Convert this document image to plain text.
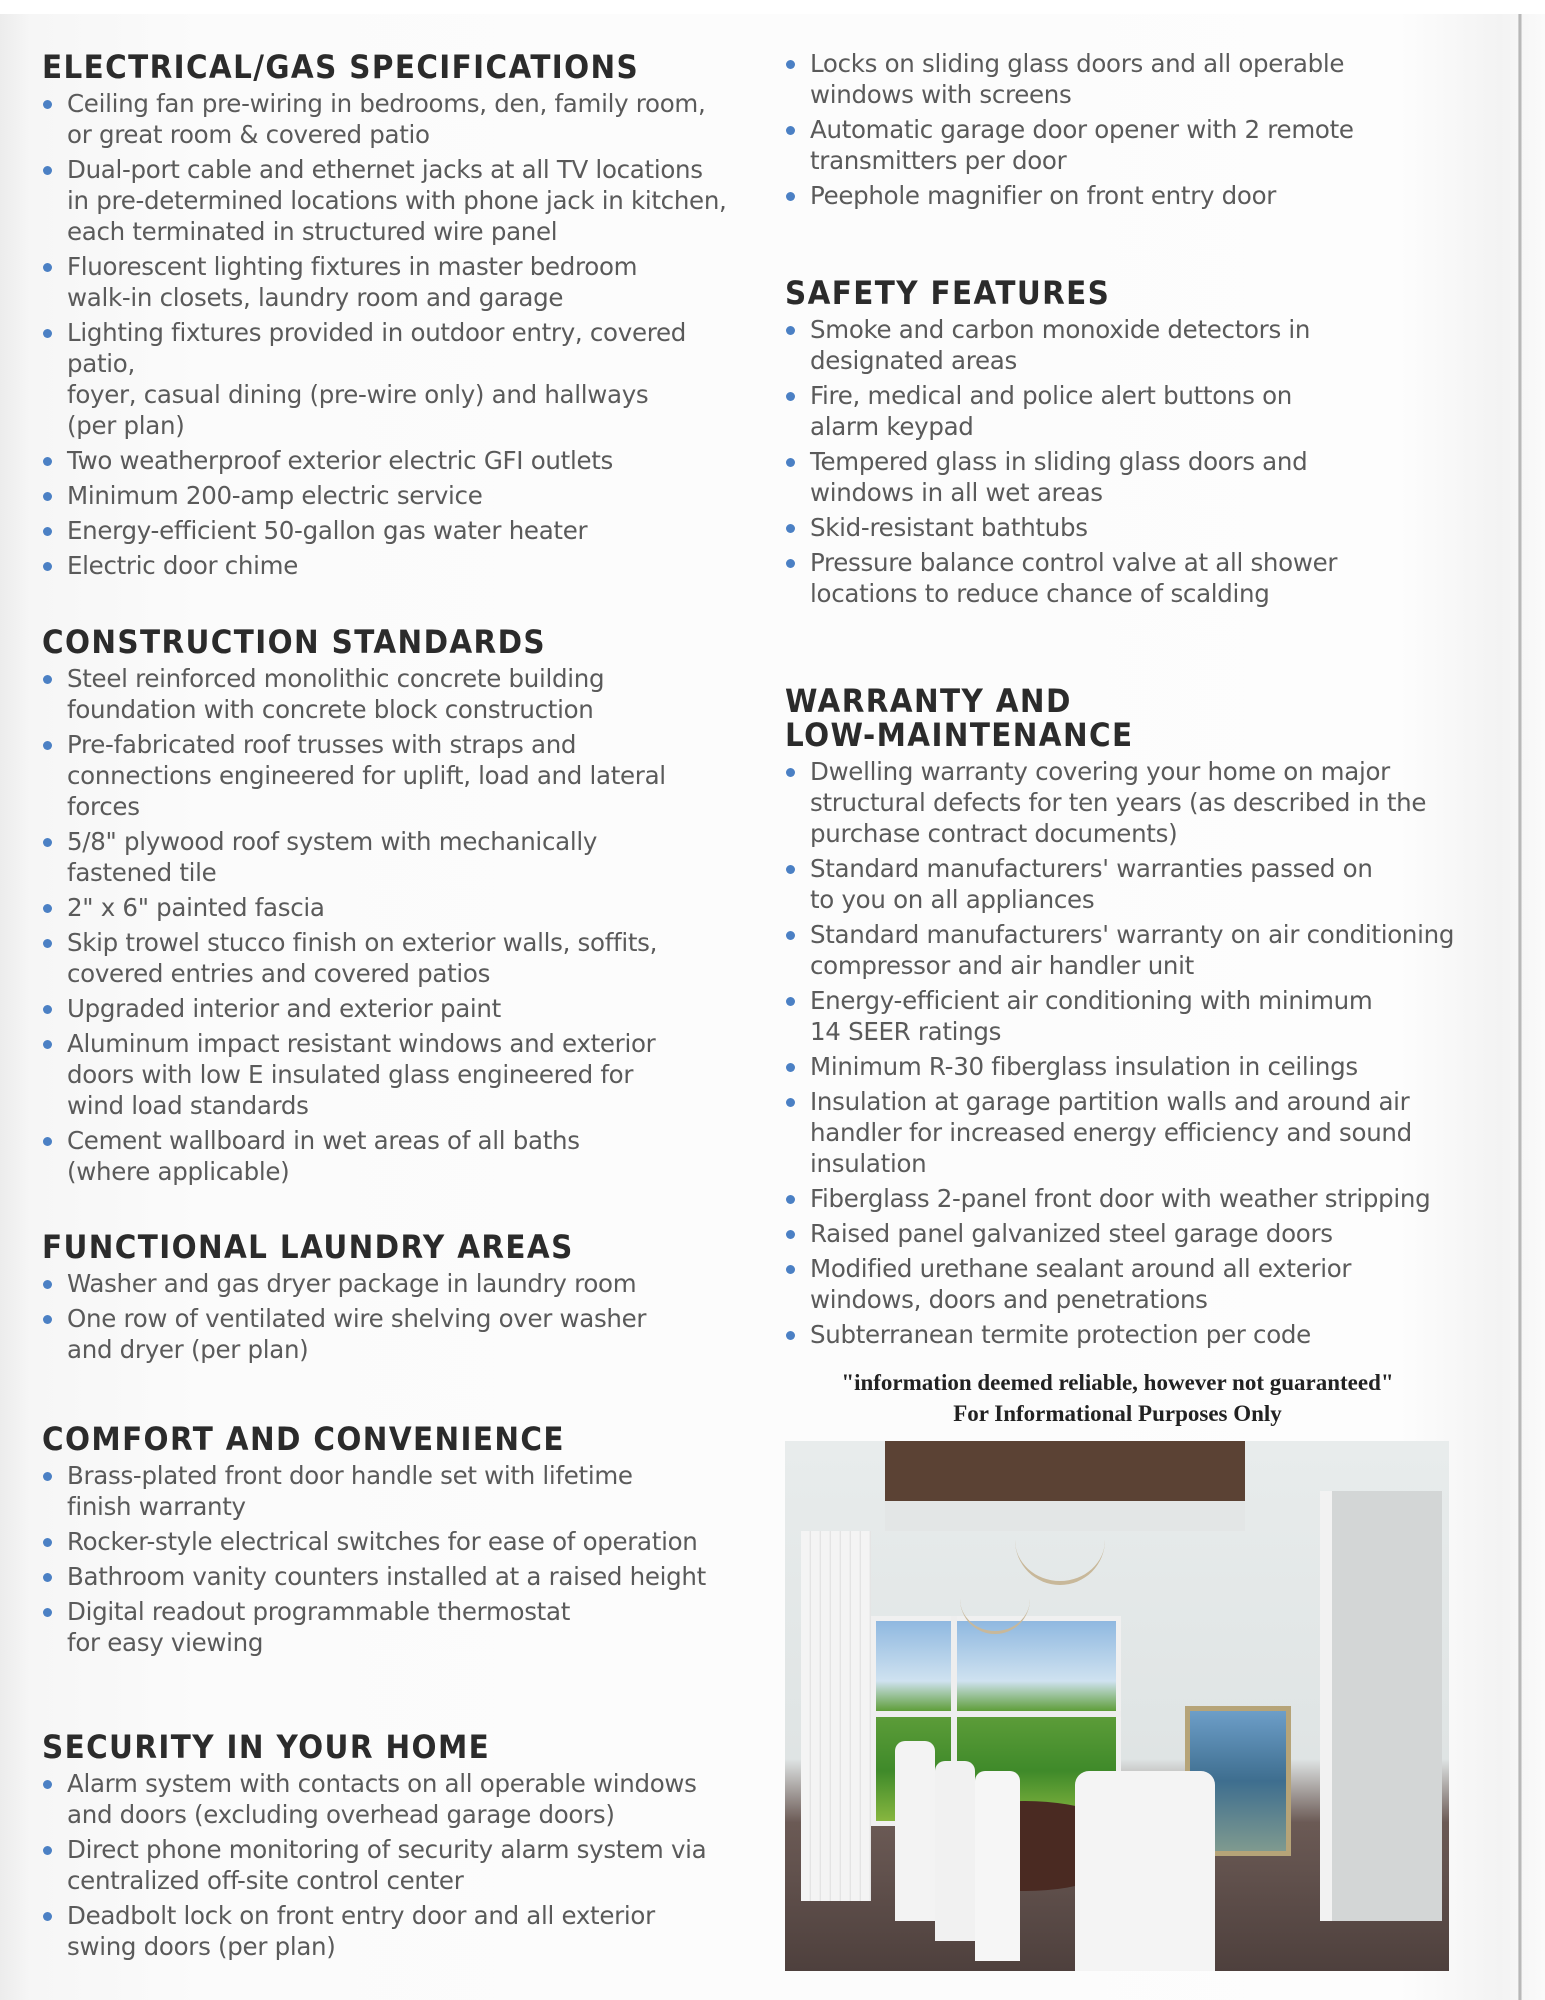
ELECTRICAL/GAS SPECIFICATIONS
Ceiling fan pre-wiring in bedrooms, den, family room,
or great room & covered patio
Dual-port cable and ethernet jacks at all TV locations
in pre-determined locations with phone jack in kitchen,
each terminated in structured wire panel
Fluorescent lighting fixtures in master bedroom
walk-in closets, laundry room and garage
Lighting fixtures provided in outdoor entry, covered patio,
foyer, casual dining (pre-wire only) and hallways
(per plan)
Two weatherproof exterior electric GFI outlets
Minimum 200-amp electric service
Energy-efficient 50-gallon gas water heater
Electric door chime
CONSTRUCTION STANDARDS
Steel reinforced monolithic concrete building
foundation with concrete block construction
Pre-fabricated roof trusses with straps and
connections engineered for uplift, load and lateral forces
5/8" plywood roof system with mechanically
fastened tile
2" x 6" painted fascia
Skip trowel stucco finish on exterior walls, soffits,
covered entries and covered patios
Upgraded interior and exterior paint
Aluminum impact resistant windows and exterior
doors with low E insulated glass engineered for
wind load standards
Cement wallboard in wet areas of all baths
(where applicable)
FUNCTIONAL LAUNDRY AREAS
Washer and gas dryer package in laundry room
One row of ventilated wire shelving over washer
and dryer (per plan)
COMFORT AND CONVENIENCE
Brass-plated front door handle set with lifetime
finish warranty
Rocker-style electrical switches for ease of operation
Bathroom vanity counters installed at a raised height
Digital readout programmable thermostat
for easy viewing
SECURITY IN YOUR HOME
Alarm system with contacts on all operable windows
and doors (excluding overhead garage doors)
Direct phone monitoring of security alarm system via
centralized off-site control center
Deadbolt lock on front entry door and all exterior
swing doors (per plan)
Locks on sliding glass doors and all operable
windows with screens
Automatic garage door opener with 2 remote
transmitters per door
Peephole magnifier on front entry door
SAFETY FEATURES
Smoke and carbon monoxide detectors in
designated areas
Fire, medical and police alert buttons on
alarm keypad
Tempered glass in sliding glass doors and
windows in all wet areas
Skid-resistant bathtubs
Pressure balance control valve at all shower
locations to reduce chance of scalding
WARRANTY AND
LOW-MAINTENANCE
Dwelling warranty covering your home on major
structural defects for ten years (as described in the
purchase contract documents)
Standard manufacturers' warranties passed on
to you on all appliances
Standard manufacturers' warranty on air conditioning
compressor and air handler unit
Energy-efficient air conditioning with minimum
14 SEER ratings
Minimum R-30 fiberglass insulation in ceilings
Insulation at garage partition walls and around air
handler for increased energy efficiency and sound
insulation
Fiberglass 2-panel front door with weather stripping
Raised panel galvanized steel garage doors
Modified urethane sealant around all exterior
windows, doors and penetrations
Subterranean termite protection per code
"information deemed reliable, however not guaranteed"
For Informational Purposes Only
